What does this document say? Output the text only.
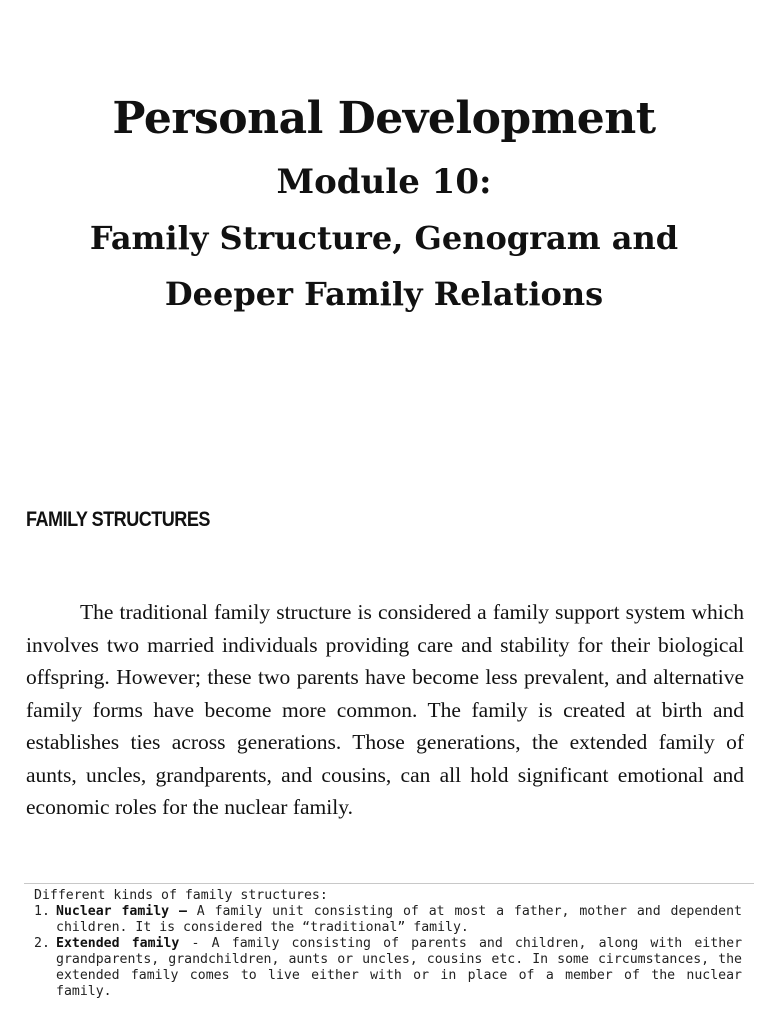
Personal Development
Module 10:
Family Structure, Genogram and
Deeper Family Relations
FAMILY STRUCTURES

The traditional family structure is considered a family support system which involves two married individuals providing care and stability for their biological offspring. However; these two parents have become less prevalent, and alternative family forms have become more common. The family is created at birth and establishes ties across generations. Those generations, the extended family of aunts, uncles, grandparents, and cousins, can all hold significant emotional and economic roles for the nuclear family.

Different kinds of family structures:

1. Nuclear family – A family unit consisting of at most a father, mother and dependent children. It is considered the “traditional” family.
2. Extended family - A family consisting of parents and children, along with either grandparents, grandchildren, aunts or uncles, cousins etc. In some circumstances, the extended family comes to live either with or in place of a member of the nuclear family.
